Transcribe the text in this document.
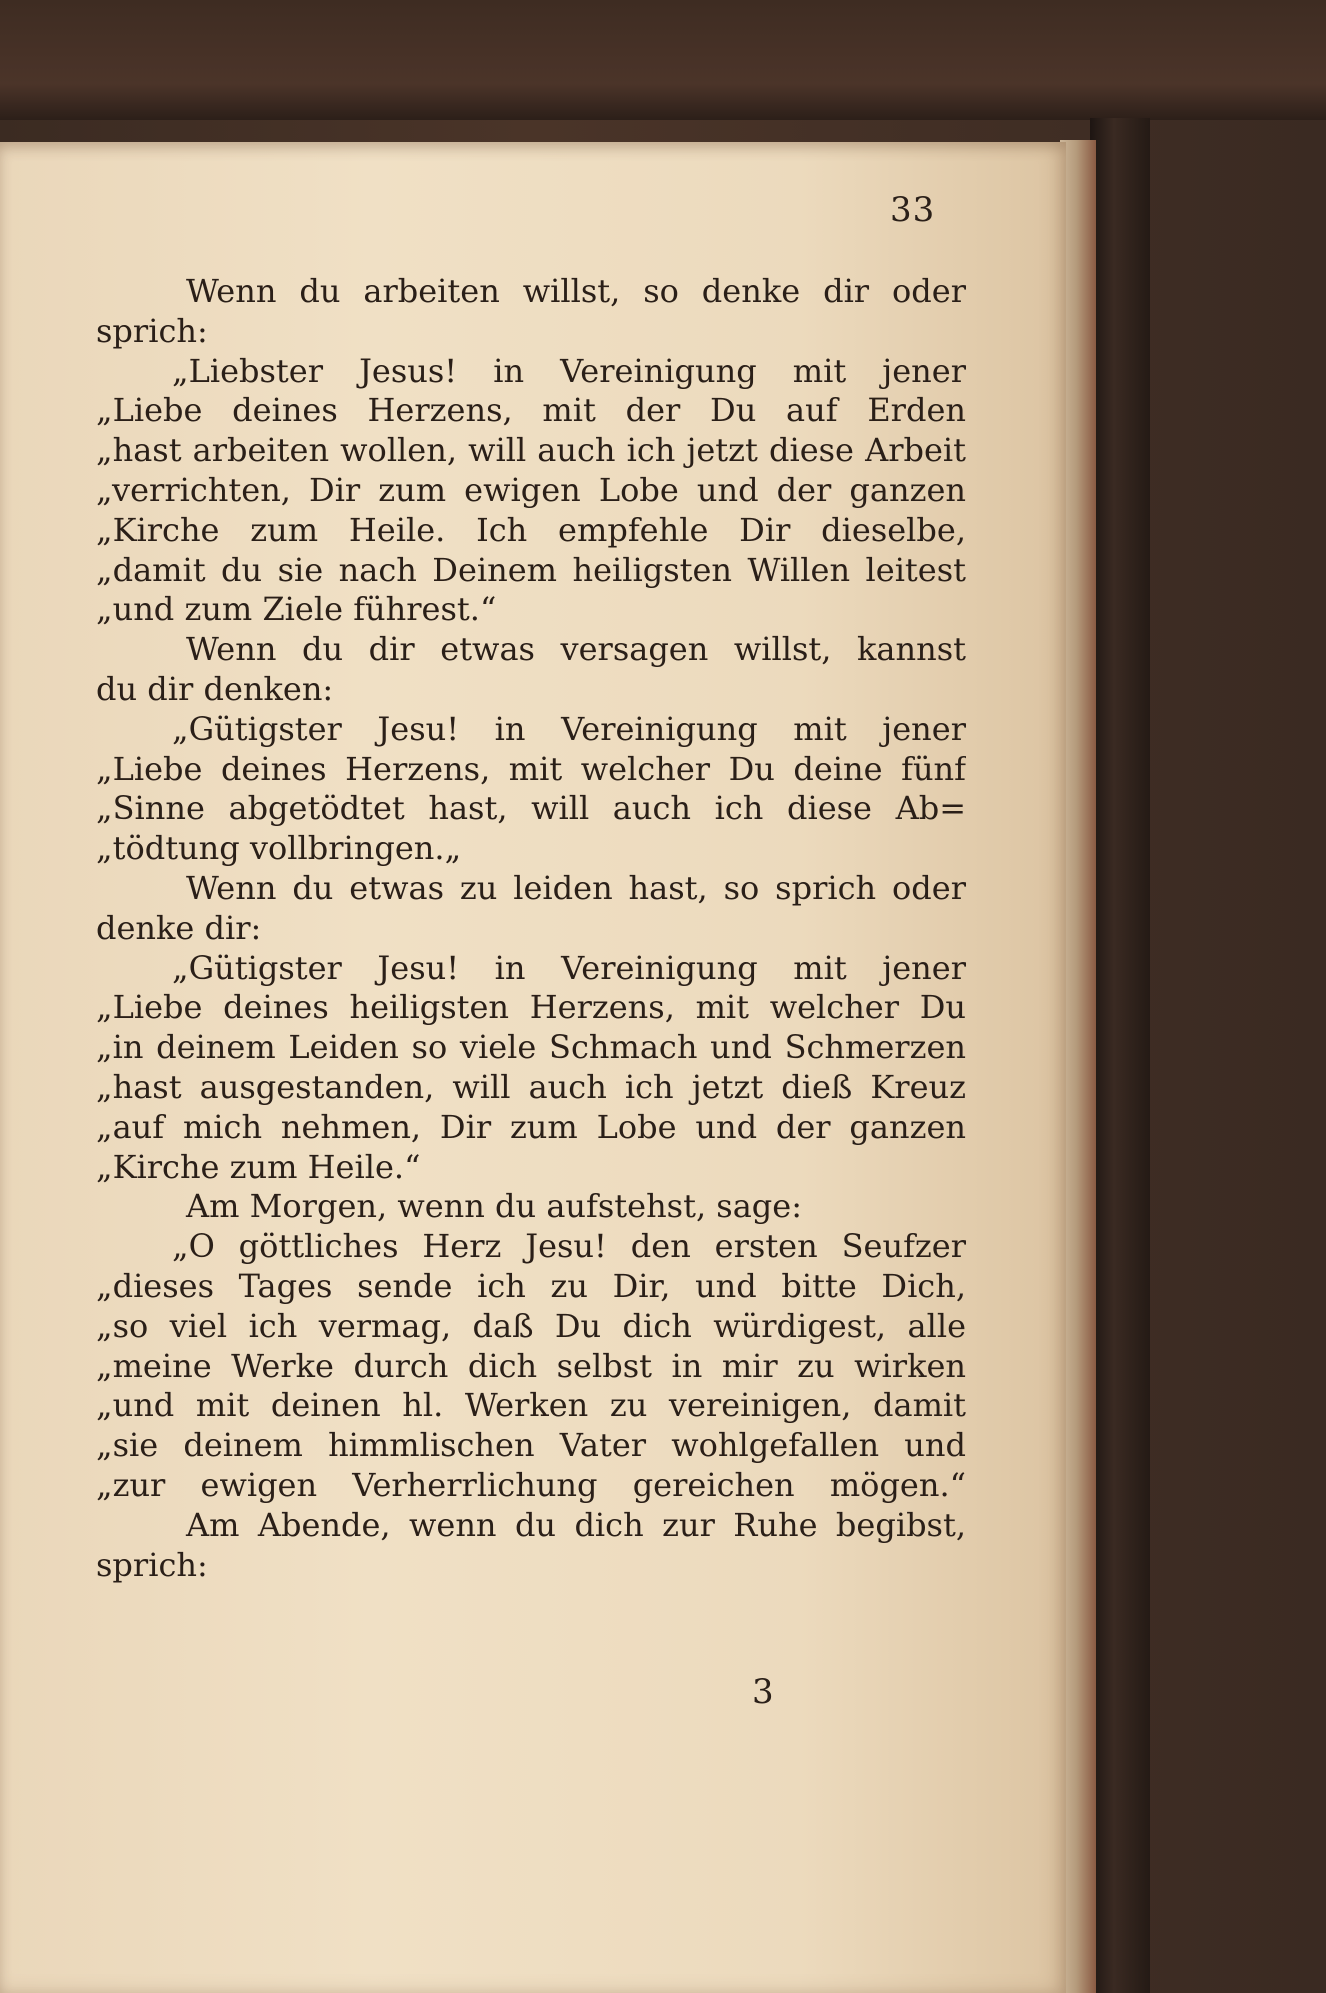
33
Wenn du arbeiten willst, so denke dir oder
sprich:
„Liebster Jesus! in Vereinigung mit jener
„Liebe deines Herzens, mit der Du auf Erden
„hast arbeiten wollen, will auch ich jetzt diese Arbeit
„verrichten, Dir zum ewigen Lobe und der ganzen
„Kirche zum Heile. Ich empfehle Dir dieselbe,
„damit du sie nach Deinem heiligsten Willen leitest
„und zum Ziele führest.“
Wenn du dir etwas versagen willst, kannst
du dir denken:
„Gütigster Jesu! in Vereinigung mit jener
„Liebe deines Herzens, mit welcher Du deine fünf
„Sinne abgetödtet hast, will auch ich diese Ab=
„tödtung vollbringen.„
Wenn du etwas zu leiden hast, so sprich oder
denke dir:
„Gütigster Jesu! in Vereinigung mit jener
„Liebe deines heiligsten Herzens, mit welcher Du
„in deinem Leiden so viele Schmach und Schmerzen
„hast ausgestanden, will auch ich jetzt dieß Kreuz
„auf mich nehmen, Dir zum Lobe und der ganzen
„Kirche zum Heile.“
Am Morgen, wenn du aufstehst, sage:
„O göttliches Herz Jesu! den ersten Seufzer
„dieses Tages sende ich zu Dir, und bitte Dich,
„so viel ich vermag, daß Du dich würdigest, alle
„meine Werke durch dich selbst in mir zu wirken
„und mit deinen hl. Werken zu vereinigen, damit
„sie deinem himmlischen Vater wohlgefallen und
„zur ewigen Verherrlichung gereichen mögen.“
Am Abende, wenn du dich zur Ruhe begibst,
sprich:
3
